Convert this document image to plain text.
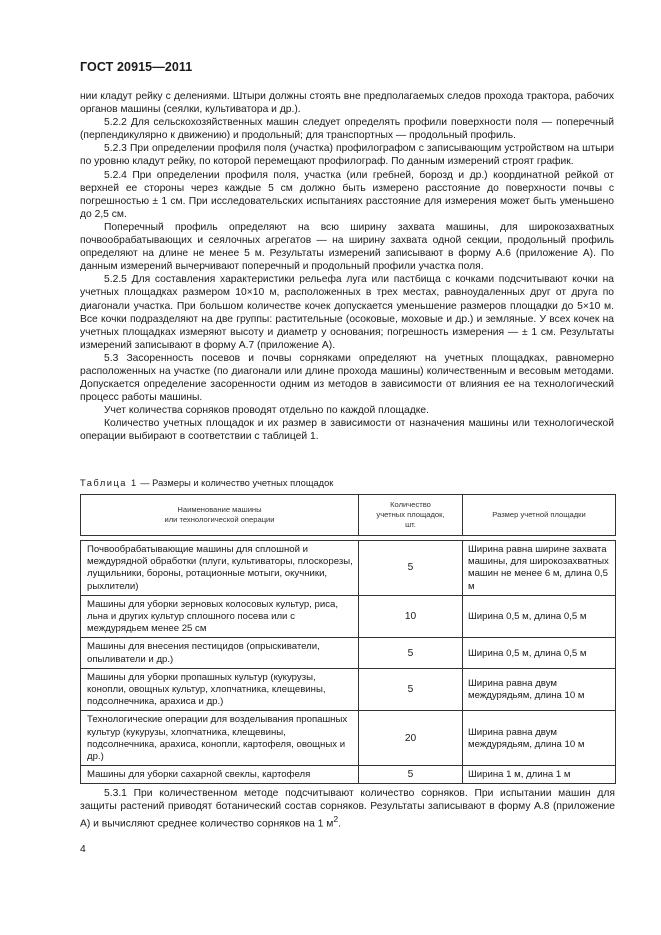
ГОСТ 20915—2011

нии кладут рейку с делениями. Штыри должны стоять вне предполагаемых следов прохода трактора, рабочих органов машины (сеялки, культиватора и др.).

5.2.2 Для сельскохозяйственных машин следует определять профили поверхности поля — поперечный (перпендикулярно к движению) и продольный; для транспортных — продольный профиль.

5.2.3 При определении профиля поля (участка) профилографом с записывающим устройством на штыри по уровню кладут рейку, по которой перемещают профилограф. По данным измерений строят график.

5.2.4 При определении профиля поля, участка (или гребней, борозд и др.) координатной рейкой от верхней ее стороны через каждые 5 см должно быть измерено расстояние до поверхности почвы с погрешностью ± 1 см. При исследовательских испытаниях расстояние для измерения может быть уменьшено до 2,5 см.

Поперечный профиль определяют на всю ширину захвата машины, для широкозахватных почвообрабатывающих и сеялочных агрегатов — на ширину захвата одной секции, продольный профиль определяют на длине не менее 5 м. Результаты измерений записывают в форму А.6 (приложение А). По данным измерений вычерчивают поперечный и продольный профили участка поля.

5.2.5 Для составления характеристики рельефа луга или пастбища с кочками подсчитывают кочки на учетных площадках размером 10×10 м, расположенных в трех местах, равноудаленных друг от друга по диагонали участка. При большом количестве кочек допускается уменьшение размеров площадки до 5×10 м. Все кочки подразделяют на две группы: растительные (осоковые, моховые и др.) и земляные. У всех кочек на учетных площадках измеряют высоту и диаметр у основания; погрешность измерения — ± 1 см. Результаты измерений записывают в форму А.7 (приложение А).

5.3 Засоренность посевов и почвы сорняками определяют на учетных площадках, равномерно расположенных на участке (по диагонали или длине прохода машины) количественным и весовым методами. Допускается определение засоренности одним из методов в зависимости от влияния ее на технологический процесс работы машины.

Учет количества сорняков проводят отдельно по каждой площадке.

Количество учетных площадок и их размер в зависимости от назначения машины или технологической операции выбирают в соответствии с таблицей 1.

Таблица 1 — Размеры и количество учетных площадок
Наименование машины
или технологической операции	Количество
учетных площадок,
шт.	Размер учетной площадки

Почвообрабатывающие машины для сплошной и междурядной обработки (плуги, культиваторы, плоскорезы, лущильники, бороны, ротационные мотыги, окучники, рыхлители)	5	Ширина равна ширине захвата машины, для широкозахватных машин не менее 6 м, длина 0,5 м
Машины для уборки зерновых колосовых культур, риса, льна и других культур сплошного посева или с междурядьем менее 25 см	10	Ширина 0,5 м, длина 0,5 м
Машины для внесения пестицидов (опрыскиватели, опыливатели и др.)	5	Ширина 0,5 м, длина 0,5 м
Машины для уборки пропашных культур (кукурузы, конопли, овощных культур, хлопчатника, клещевины, подсолнечника, арахиса и др.)	5	Ширина равна двум междурядьям, длина 10 м
Технологические операции для возделывания пропашных культур (кукурузы, хлопчатника, клещевины, подсолнечника, арахиса, конопли, картофеля, овощных и др.)	20	Ширина равна двум междурядьям, длина 10 м
Машины для уборки сахарной свеклы, картофеля	5	Ширина 1 м, длина 1 м

5.3.1 При количественном методе подсчитывают количество сорняков. При испытании машин для защиты растений приводят ботанический состав сорняков. Результаты записывают в форму А.8 (приложение А) и вычисляют среднее количество сорняков на 1 $м^2$.

4
